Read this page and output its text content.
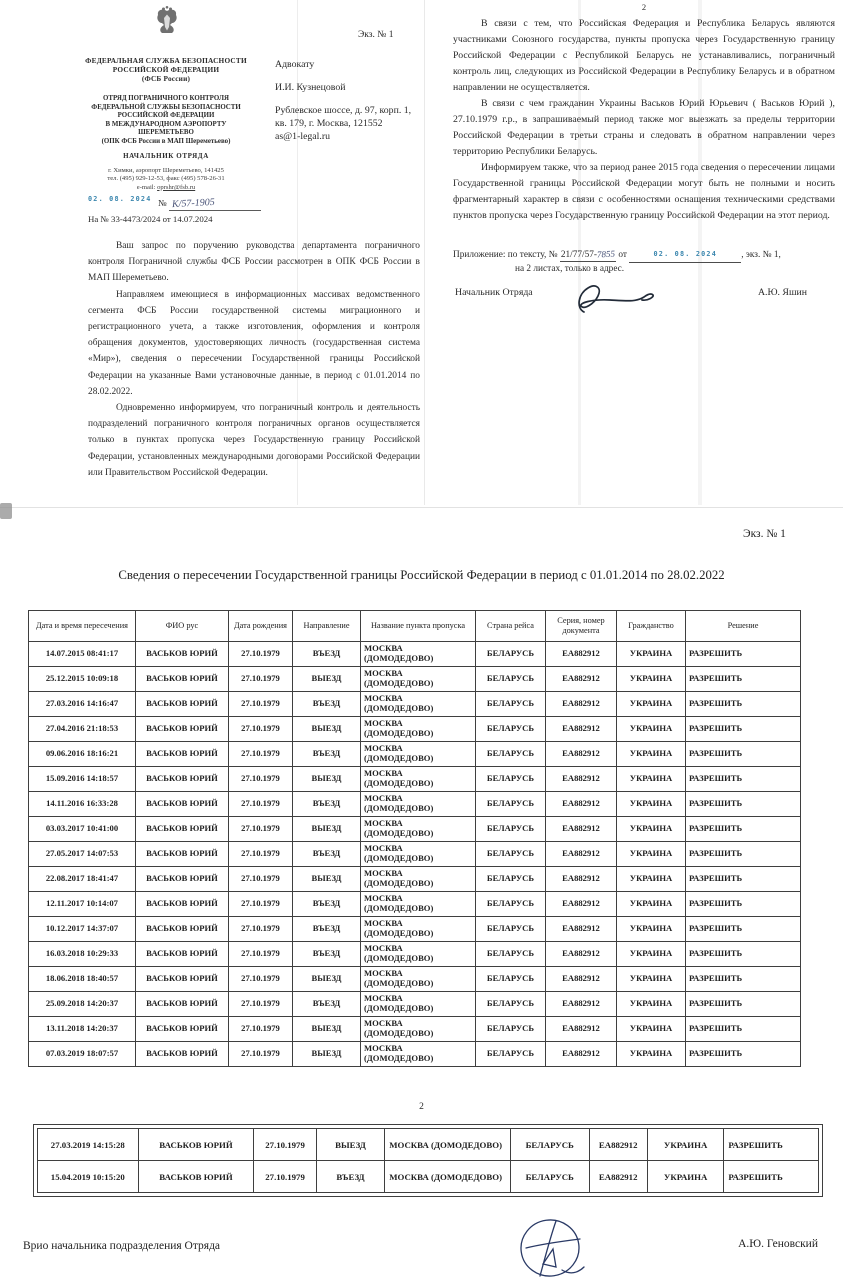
Экз. № 1
ФЕДЕРАЛЬНАЯ СЛУЖБА БЕЗОПАСНОСТИ
РОССИЙСКОЙ ФЕДЕРАЦИИ
(ФСБ России)
ОТРЯД ПОГРАНИЧНОГО КОНТРОЛЯ
ФЕДЕРАЛЬНОЙ СЛУЖБЫ БЕЗОПАСНОСТИ
РОССИЙСКОЙ ФЕДЕРАЦИИ
В МЕЖДУНАРОДНОМ АЭРОПОРТУ
ШЕРЕМЕТЬЕВО
(ОПК ФСБ России в МАП Шереметьево)
НАЧАЛЬНИК ОТРЯДА
г. Химки, аэропорт Шереметьево, 141425
тел. (495) 929-12-53, факс (495) 578-26-31
e-mail: oprshr@fsb.ru
02. 08. 2024 № К/57-1905
На № 33-4473/2024 от 14.07.2024
Адвокату
И.И. Кузнецовой
Рублевское шоссе, д. 97, корп. 1,
кв. 179, г. Москва, 121552
as@1-legal.ru

Ваш запрос по поручению руководства департамента пограничного контроля Пограничной службы ФСБ России рассмотрен в ОПК ФСБ России в МАП Шереметьево.

Направляем имеющиеся в информационных массивах ведомственного сегмента ФСБ России государственной системы миграционного и регистрационного учета, а также изготовления, оформления и контроля обращения документов, удостоверяющих личность (государственная система «Мир»), сведения о пересечении Государственной границы Российской Федерации на указанные Вами установочные данные, в период с 01.01.2014 по 28.02.2022.

Одновременно информируем, что пограничный контроль и деятельность подразделений пограничного контроля пограничных органов осуществляется только в пунктах пропуска через Государственную границу Российской Федерации, установленных международными договорами Российской Федерации или Правительством Российской Федерации.

2

В связи с тем, что Российская Федерация и Республика Беларусь являются участниками Союзного государства, пункты пропуска через Государственную границу Российской Федерации с Республикой Беларусь не устанавливались, пограничный контроль лиц, следующих из Российской Федерации в Республику Беларусь и в обратном направлении не осуществляется.

В связи с чем гражданин Украины Васьков Юрий Юрьевич ( Васьков Юрий ), 27.10.1979 г.р., в запрашиваемый период также мог выезжать за пределы территории Российской Федерации в третьи страны и следовать в обратном направлении через территорию Республики Беларусь.

Информируем также, что за период ранее 2015 года сведения о пересечении лицами Государственной границы Российской Федерации могут быть не полными и носить фрагментарный характер в связи с особенностями оснащения техническими средствами пунктов пропуска через Государственную границу Российской Федерации на этот период.

Приложение: по тексту, № 21/77/57-7855 от	02. 08. 2024	, экз. № 1,
на 2 листах, только в адрес.
Начальник Отряда	А.Ю. Яшин
Экз. № 1
Сведения о пересечении Государственной границы Российской Федерации в период с 01.01.2014 по 28.02.2022
Дата и время пересечения	ФИО рус	Дата рождения	Направление	Название пункта пропуска	Страна рейса	Серия, номер документа	Гражданство	Решение
14.07.2015 08:41:17	ВАСЬКОВ ЮРИЙ	27.10.1979	ВЪЕЗД	МОСКВА (ДОМОДЕДОВО)	БЕЛАРУСЬ	EA882912	УКРАИНА	РАЗРЕШИТЬ
25.12.2015 10:09:18	ВАСЬКОВ ЮРИЙ	27.10.1979	ВЫЕЗД	МОСКВА (ДОМОДЕДОВО)	БЕЛАРУСЬ	EA882912	УКРАИНА	РАЗРЕШИТЬ
27.03.2016 14:16:47	ВАСЬКОВ ЮРИЙ	27.10.1979	ВЪЕЗД	МОСКВА (ДОМОДЕДОВО)	БЕЛАРУСЬ	EA882912	УКРАИНА	РАЗРЕШИТЬ
27.04.2016 21:18:53	ВАСЬКОВ ЮРИЙ	27.10.1979	ВЫЕЗД	МОСКВА (ДОМОДЕДОВО)	БЕЛАРУСЬ	EA882912	УКРАИНА	РАЗРЕШИТЬ
09.06.2016 18:16:21	ВАСЬКОВ ЮРИЙ	27.10.1979	ВЪЕЗД	МОСКВА (ДОМОДЕДОВО)	БЕЛАРУСЬ	EA882912	УКРАИНА	РАЗРЕШИТЬ
15.09.2016 14:18:57	ВАСЬКОВ ЮРИЙ	27.10.1979	ВЫЕЗД	МОСКВА (ДОМОДЕДОВО)	БЕЛАРУСЬ	EA882912	УКРАИНА	РАЗРЕШИТЬ
14.11.2016 16:33:28	ВАСЬКОВ ЮРИЙ	27.10.1979	ВЪЕЗД	МОСКВА (ДОМОДЕДОВО)	БЕЛАРУСЬ	EA882912	УКРАИНА	РАЗРЕШИТЬ
03.03.2017 10:41:00	ВАСЬКОВ ЮРИЙ	27.10.1979	ВЫЕЗД	МОСКВА (ДОМОДЕДОВО)	БЕЛАРУСЬ	EA882912	УКРАИНА	РАЗРЕШИТЬ
27.05.2017 14:07:53	ВАСЬКОВ ЮРИЙ	27.10.1979	ВЪЕЗД	МОСКВА (ДОМОДЕДОВО)	БЕЛАРУСЬ	EA882912	УКРАИНА	РАЗРЕШИТЬ
22.08.2017 18:41:47	ВАСЬКОВ ЮРИЙ	27.10.1979	ВЫЕЗД	МОСКВА (ДОМОДЕДОВО)	БЕЛАРУСЬ	EA882912	УКРАИНА	РАЗРЕШИТЬ
12.11.2017 10:14:07	ВАСЬКОВ ЮРИЙ	27.10.1979	ВЪЕЗД	МОСКВА (ДОМОДЕДОВО)	БЕЛАРУСЬ	EA882912	УКРАИНА	РАЗРЕШИТЬ
10.12.2017 14:37:07	ВАСЬКОВ ЮРИЙ	27.10.1979	ВЪЕЗД	МОСКВА (ДОМОДЕДОВО)	БЕЛАРУСЬ	EA882912	УКРАИНА	РАЗРЕШИТЬ
16.03.2018 10:29:33	ВАСЬКОВ ЮРИЙ	27.10.1979	ВЪЕЗД	МОСКВА (ДОМОДЕДОВО)	БЕЛАРУСЬ	EA882912	УКРАИНА	РАЗРЕШИТЬ
18.06.2018 18:40:57	ВАСЬКОВ ЮРИЙ	27.10.1979	ВЫЕЗД	МОСКВА (ДОМОДЕДОВО)	БЕЛАРУСЬ	EA882912	УКРАИНА	РАЗРЕШИТЬ
25.09.2018 14:20:37	ВАСЬКОВ ЮРИЙ	27.10.1979	ВЪЕЗД	МОСКВА (ДОМОДЕДОВО)	БЕЛАРУСЬ	EA882912	УКРАИНА	РАЗРЕШИТЬ
13.11.2018 14:20:37	ВАСЬКОВ ЮРИЙ	27.10.1979	ВЫЕЗД	МОСКВА (ДОМОДЕДОВО)	БЕЛАРУСЬ	EA882912	УКРАИНА	РАЗРЕШИТЬ
07.03.2019 18:07:57	ВАСЬКОВ ЮРИЙ	27.10.1979	ВЫЕЗД	МОСКВА (ДОМОДЕДОВО)	БЕЛАРУСЬ	EA882912	УКРАИНА	РАЗРЕШИТЬ
2
27.03.2019 14:15:28	ВАСЬКОВ ЮРИЙ	27.10.1979	ВЫЕЗД	МОСКВА (ДОМОДЕДОВО)	БЕЛАРУСЬ	EA882912	УКРАИНА	РАЗРЕШИТЬ
15.04.2019 10:15:20	ВАСЬКОВ ЮРИЙ	27.10.1979	ВЪЕЗД	МОСКВА (ДОМОДЕДОВО)	БЕЛАРУСЬ	EA882912	УКРАИНА	РАЗРЕШИТЬ
Врио начальника подразделения Отряда	А.Ю. Геновский
